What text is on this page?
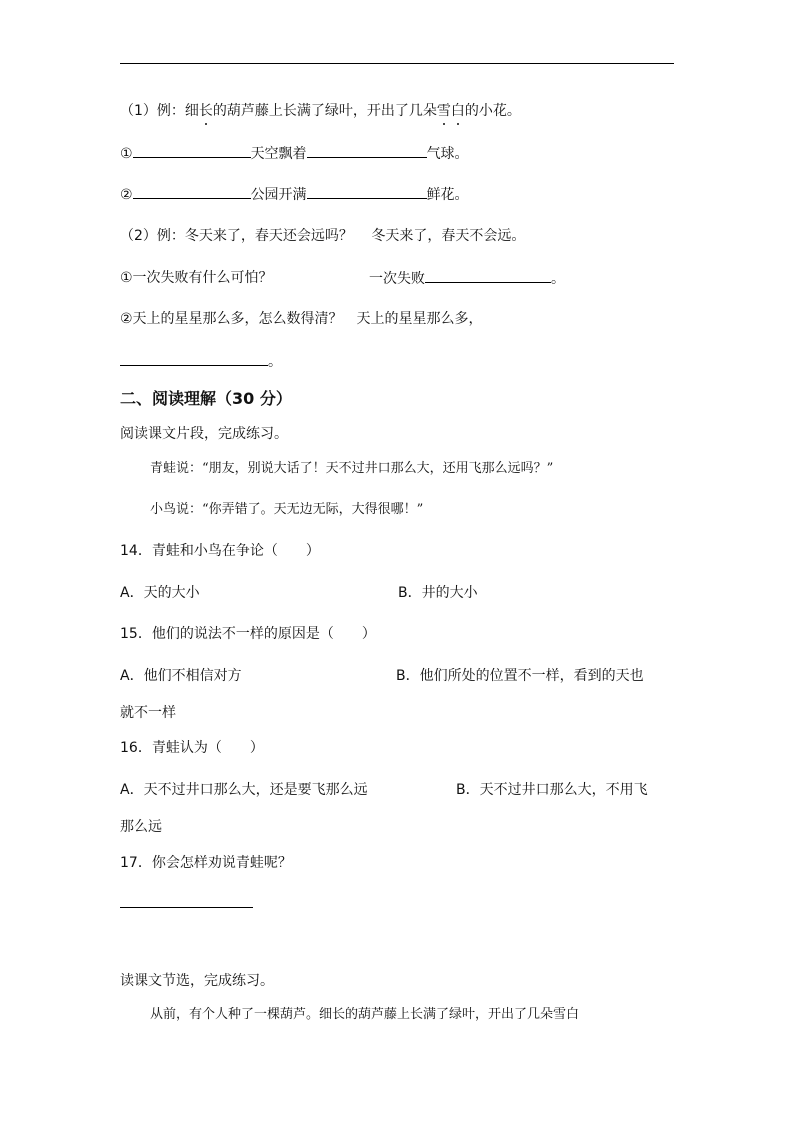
（1）例：细长的葫芦藤上长满了绿叶，开出了几朵雪白的小花。
①	天空飘着	气球。
②	公园开满	鲜花。
（2）例：冬天来了，春天还会远吗？　 冬天来了，春天不会远。
①一次失败有什么可怕？	一次失败	。
②天上的星星那么多，怎么数得清？　天上的星星那么多，
。
二、阅读理解（30 分）
阅读课文片段，完成练习。
青蛙说：“朋友，别说大话了！天不过井口那么大，还用飞那么远吗？”
小鸟说：“你弄错了。天无边无际，大得很哪！”
14．青蛙和小鸟在争论（　　）
A．天的大小	B．井的大小
15．他们的说法不一样的原因是（　　）
A．他们不相信对方	B．他们所处的位置不一样，看到的天也
就不一样
16．青蛙认为（　　）
A．天不过井口那么大，还是要飞那么远	B．天不过井口那么大，不用飞
那么远
17．你会怎样劝说青蛙呢？
读课文节选，完成练习。
从前，有个人种了一棵葫芦。细长的葫芦藤上长满了绿叶，开出了几朵雪白
